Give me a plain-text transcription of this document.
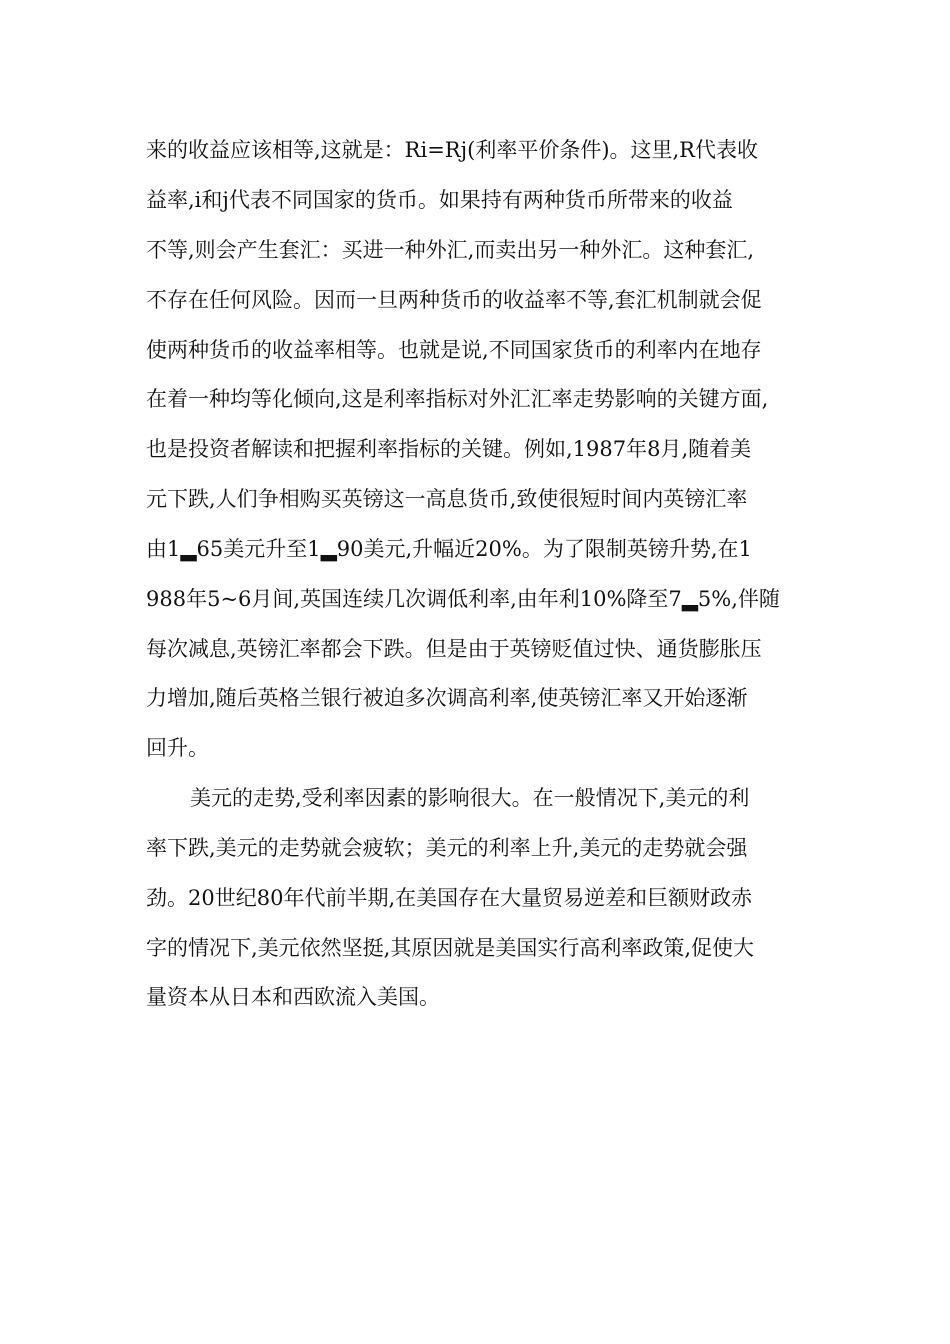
来的收益应该相等,这就是：Ri=Rj(利率平价条件)。这里,R代表收
益率,i和j代表不同国家的货币。如果持有两种货币所带来的收益
不等,则会产生套汇：买进一种外汇,而卖出另一种外汇。这种套汇,
不存在任何风险。因而一旦两种货币的收益率不等,套汇机制就会促
使两种货币的收益率相等。也就是说,不同国家货币的利率内在地存
在着一种均等化倾向,这是利率指标对外汇汇率走势影响的关键方面,
也是投资者解读和把握利率指标的关键。例如,1987年8月,随着美
元下跌,人们争相购买英镑这一高息货币,致使很短时间内英镑汇率
由1▂65美元升至1▂90美元,升幅近20%。为了限制英镑升势,在1
988年5~6月间,英国连续几次调低利率,由年利10%降至7▂5%,伴随
每次减息,英镑汇率都会下跌。但是由于英镑贬值过快、通货膨胀压
力增加,随后英格兰银行被迫多次调高利率,使英镑汇率又开始逐渐
回升。
美元的走势,受利率因素的影响很大。在一般情况下,美元的利
率下跌,美元的走势就会疲软；美元的利率上升,美元的走势就会强
劲。20世纪80年代前半期,在美国存在大量贸易逆差和巨额财政赤
字的情况下,美元依然坚挺,其原因就是美国实行高利率政策,促使大
量资本从日本和西欧流入美国。
